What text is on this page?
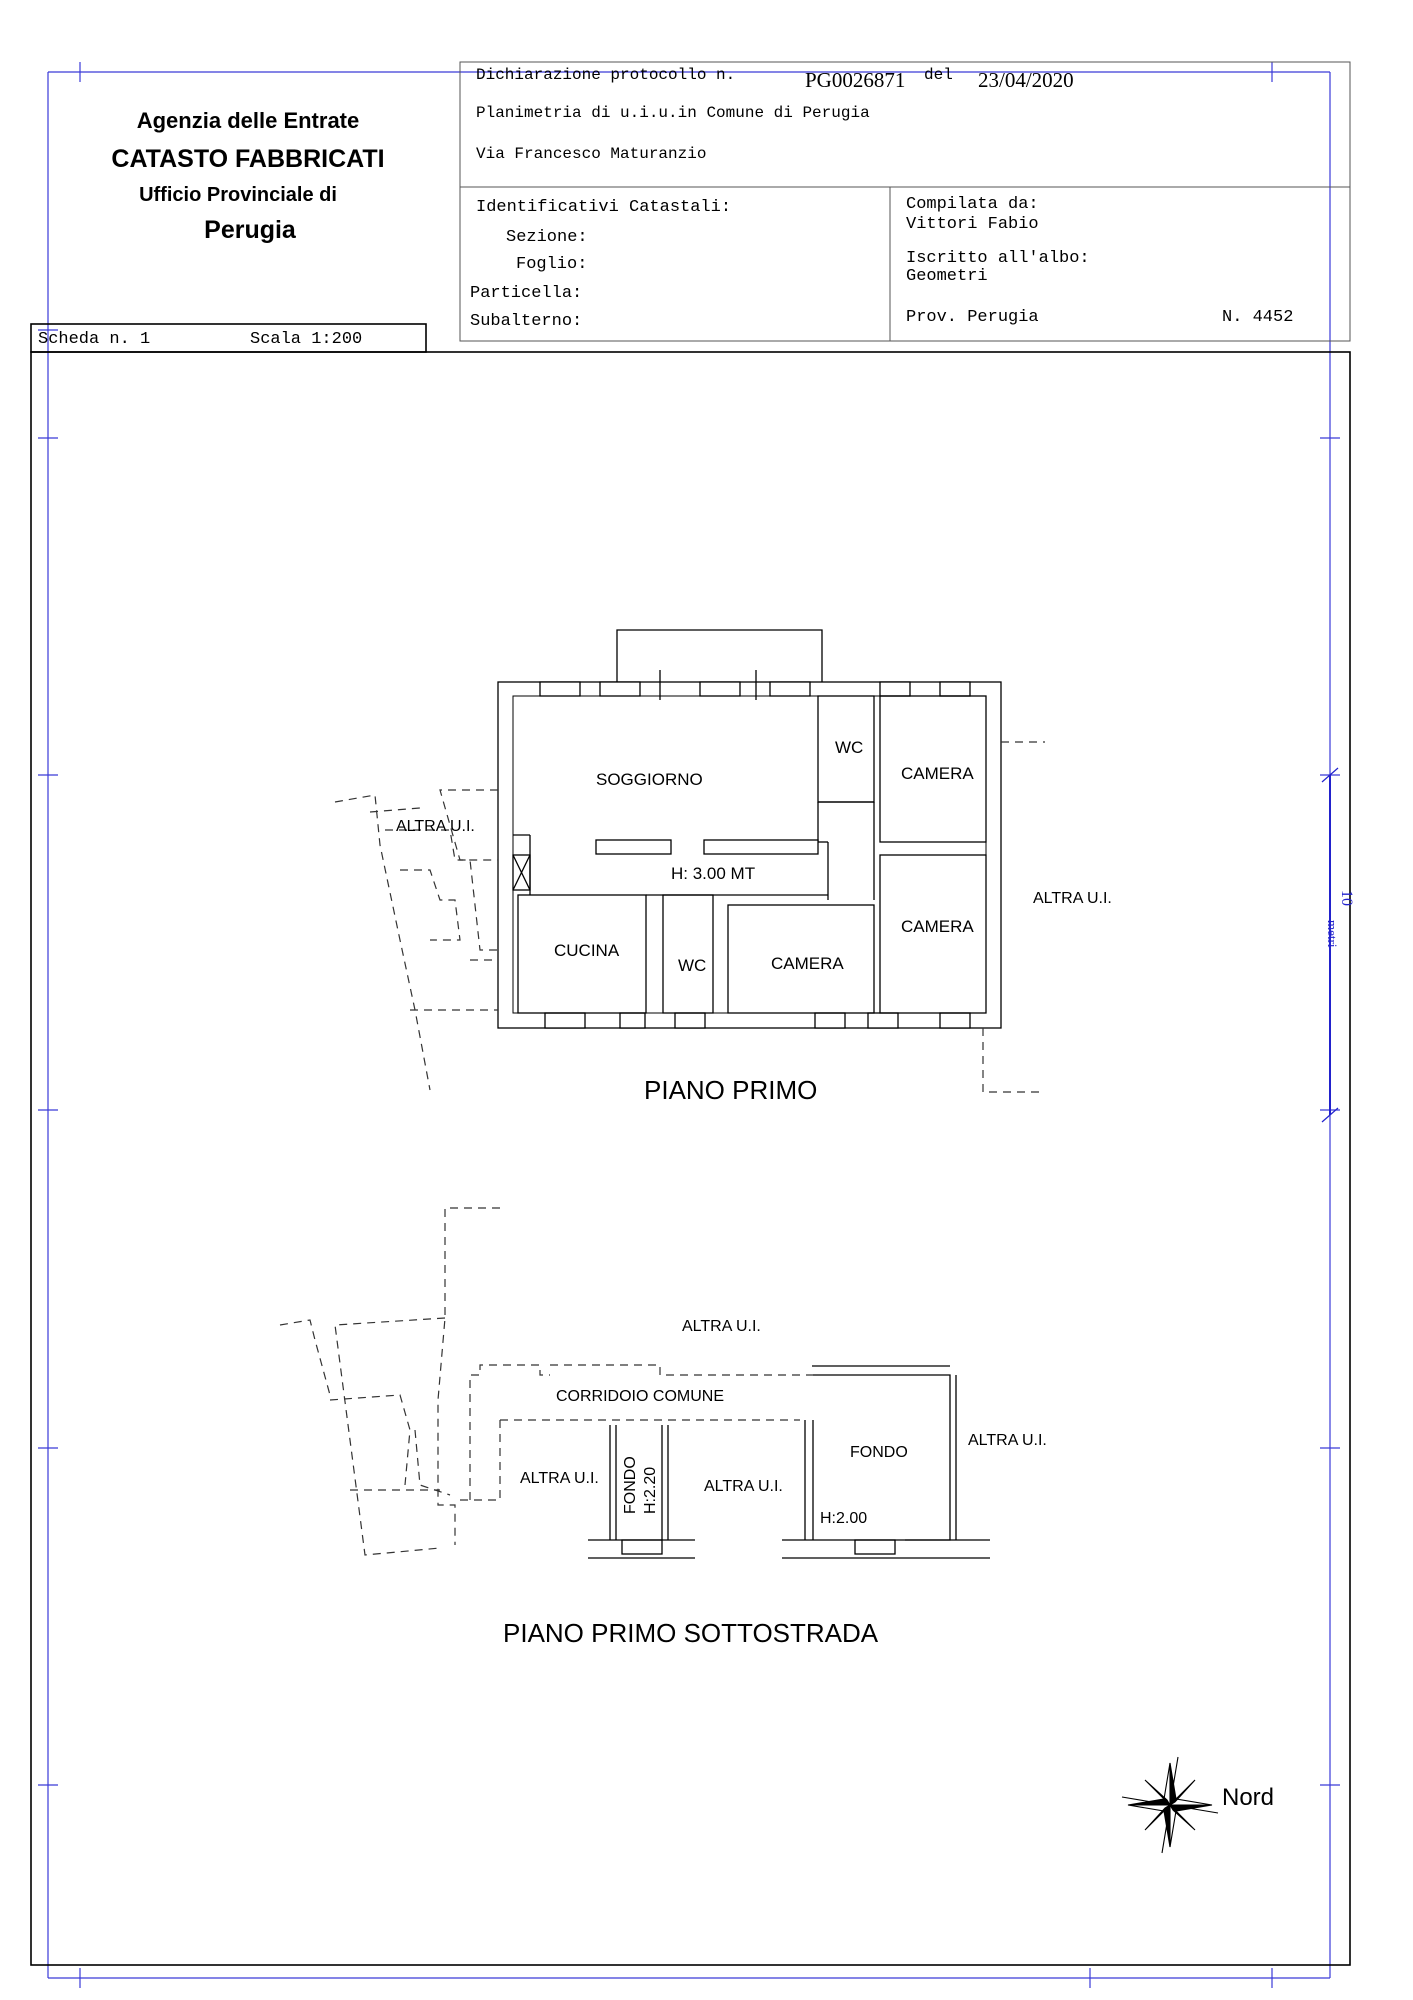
Agenzia delle Entrate
CATASTO FABBRICATI
Ufficio Provinciale di
Perugia
Dichiarazione protocollo n.	PG0026871 del 23/04/2020
Planimetria di u.i.u.in Comune di Perugia
Via Francesco Maturanzio
Identificativi Catastali:
Sezione:
Foglio:
Particella:
Subalterno:
Compilata da:
Vittori Fabio
Iscritto all'albo:
Geometri
Prov. Perugia	N. 4452
Scheda n. 1	Scala 1:200
10
metri
SOGGIORNO
WC
CAMERA
CAMERA
CUCINA
WC	CAMERA
H: 3.00 MT
ALTRA U.I.
ALTRA U.I.
PIANO PRIMO
ALTRA U.I.
CORRIDOIO COMUNE
ALTRA U.I. FONDO H:2.20	ALTRA U.I.
FONDO
H:2.00
ALTRA U.I.
PIANO PRIMO SOTTOSTRADA
Nord
